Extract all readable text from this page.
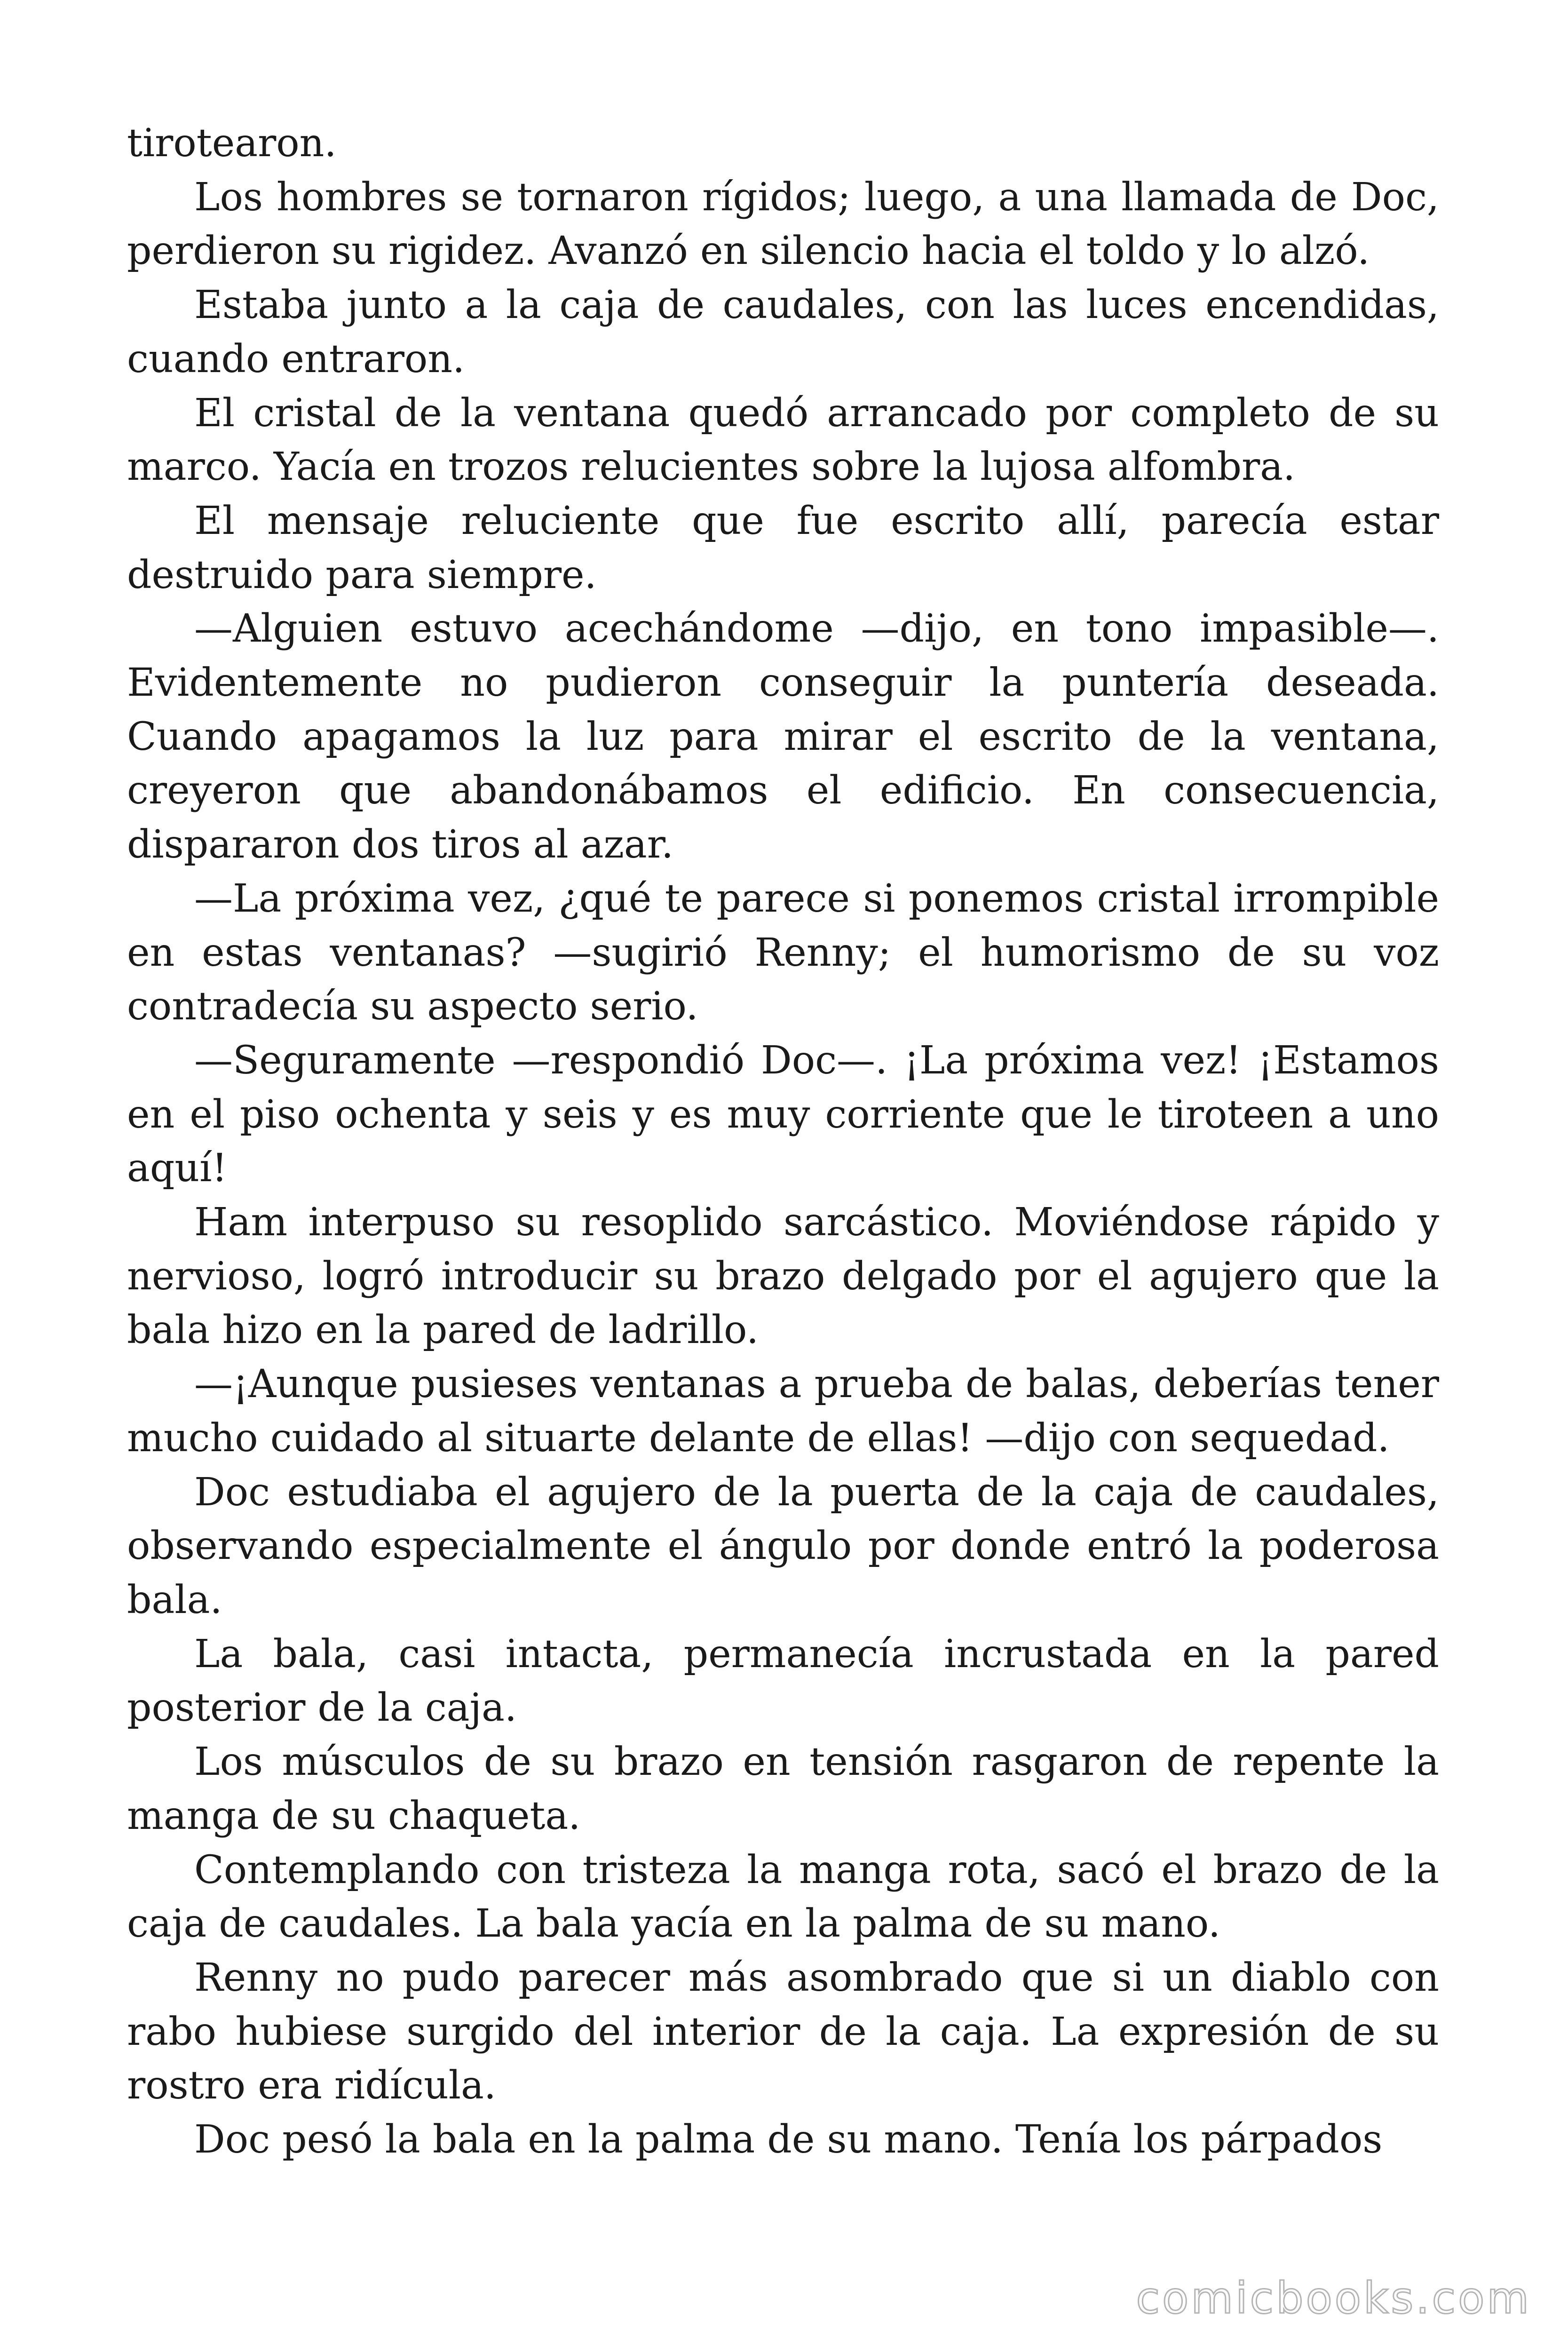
tirotearon.

Los hombres se tornaron rígidos; luego, a una llamada de Doc, perdieron su rigidez. Avanzó en silencio hacia el toldo y lo alzó.

Estaba junto a la caja de caudales, con las luces encendidas, cuando entraron.

El cristal de la ventana quedó arrancado por completo de su marco. Yacía en trozos relucientes sobre la lujosa alfombra.

El mensaje reluciente que fue escrito allí, parecía estar destruido para siempre.

—Alguien estuvo acechándome —dijo, en tono impasible—. Evidentemente no pudieron conseguir la puntería deseada. Cuando apagamos la luz para mirar el escrito de la ventana, creyeron que abandonábamos el edificio. En consecuencia, dispararon dos tiros al azar.

—La próxima vez, ¿qué te parece si ponemos cristal irrompible en estas ventanas? —sugirió Renny; el humorismo de su voz contradecía su aspecto serio.

—Seguramente —respondió Doc—. ¡La próxima vez! ¡Estamos en el piso ochenta y seis y es muy corriente que le tiroteen a uno aquí!

Ham interpuso su resoplido sarcástico. Moviéndose rápido y nervioso, logró introducir su brazo delgado por el agujero que la bala hizo en la pared de ladrillo.

—¡Aunque pusieses ventanas a prueba de balas, deberías tener mucho cuidado al situarte delante de ellas! —dijo con sequedad.

Doc estudiaba el agujero de la puerta de la caja de caudales, observando especialmente el ángulo por donde entró la poderosa bala.

La bala, casi intacta, permanecía incrustada en la pared posterior de la caja.

Los músculos de su brazo en tensión rasgaron de repente la manga de su chaqueta.

Contemplando con tristeza la manga rota, sacó el brazo de la caja de caudales. La bala yacía en la palma de su mano.

Renny no pudo parecer más asombrado que si un diablo con rabo hubiese surgido del interior de la caja. La expresión de su rostro era ridícula.

Doc pesó la bala en la palma de su mano. Tenía los párpados

comicbooks.com
